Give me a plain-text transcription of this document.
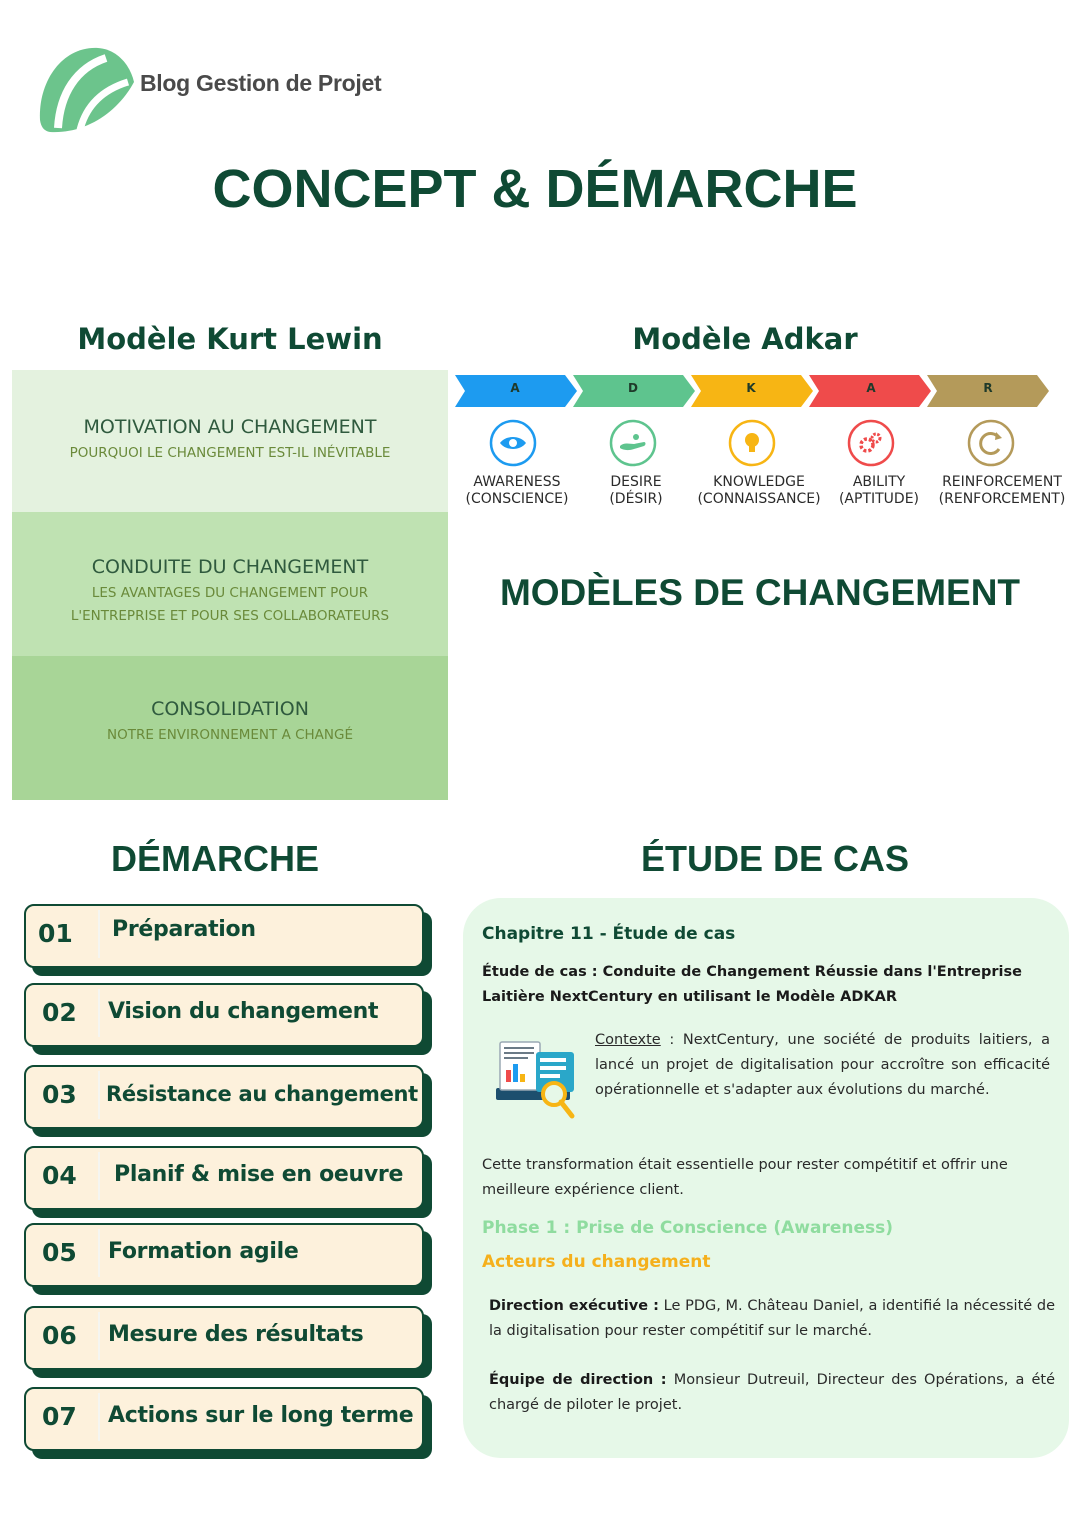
Blog Gestion de Projet
CONCEPT & DÉMARCHE
Modèle Kurt Lewin	Modèle Adkar
MOTIVATION AU CHANGEMENT
POURQUOI LE CHANGEMENT EST-IL INÉVITABLE
CONDUITE DU CHANGEMENT
LES AVANTAGES DU CHANGEMENT POUR
L'ENTREPRISE ET POUR SES COLLABORATEURS
CONSOLIDATION
NOTRE ENVIRONNEMENT A CHANGÉ
A	D	K	A	R
AWARENESS
(CONSCIENCE)
DESIRE
(DÉSIR)
KNOWLEDGE
(CONNAISSANCE)
ABILITY
(APTITUDE)
REINFORCEMENT
(RENFORCEMENT)
MODÈLES DE CHANGEMENT
DÉMARCHE	ÉTUDE DE CAS
01	Préparation
02	Vision du changement
03	Résistance au changement
04	Planif & mise en oeuvre
05	Formation agile
06	Mesure des résultats
07	Actions sur le long terme
Chapitre 11 - Étude de cas
Étude de cas : Conduite de Changement Réussie dans l'Entreprise Laitière NextCentury en utilisant le Modèle ADKAR
Contexte : NextCentury, une société de produits laitiers, a lancé un projet de digitalisation pour accroître son efficacité opérationnelle et s'adapter aux évolutions du marché.
Cette transformation était essentielle pour rester compétitif et offrir une meilleure expérience client.
Phase 1 : Prise de Conscience (Awareness)
Acteurs du changement
Direction exécutive : Le PDG, M. Château Daniel, a identifié la nécessité de la digitalisation pour rester compétitif sur le marché.
Équipe de direction : Monsieur Dutreuil, Directeur des Opérations, a été chargé de piloter le projet.
